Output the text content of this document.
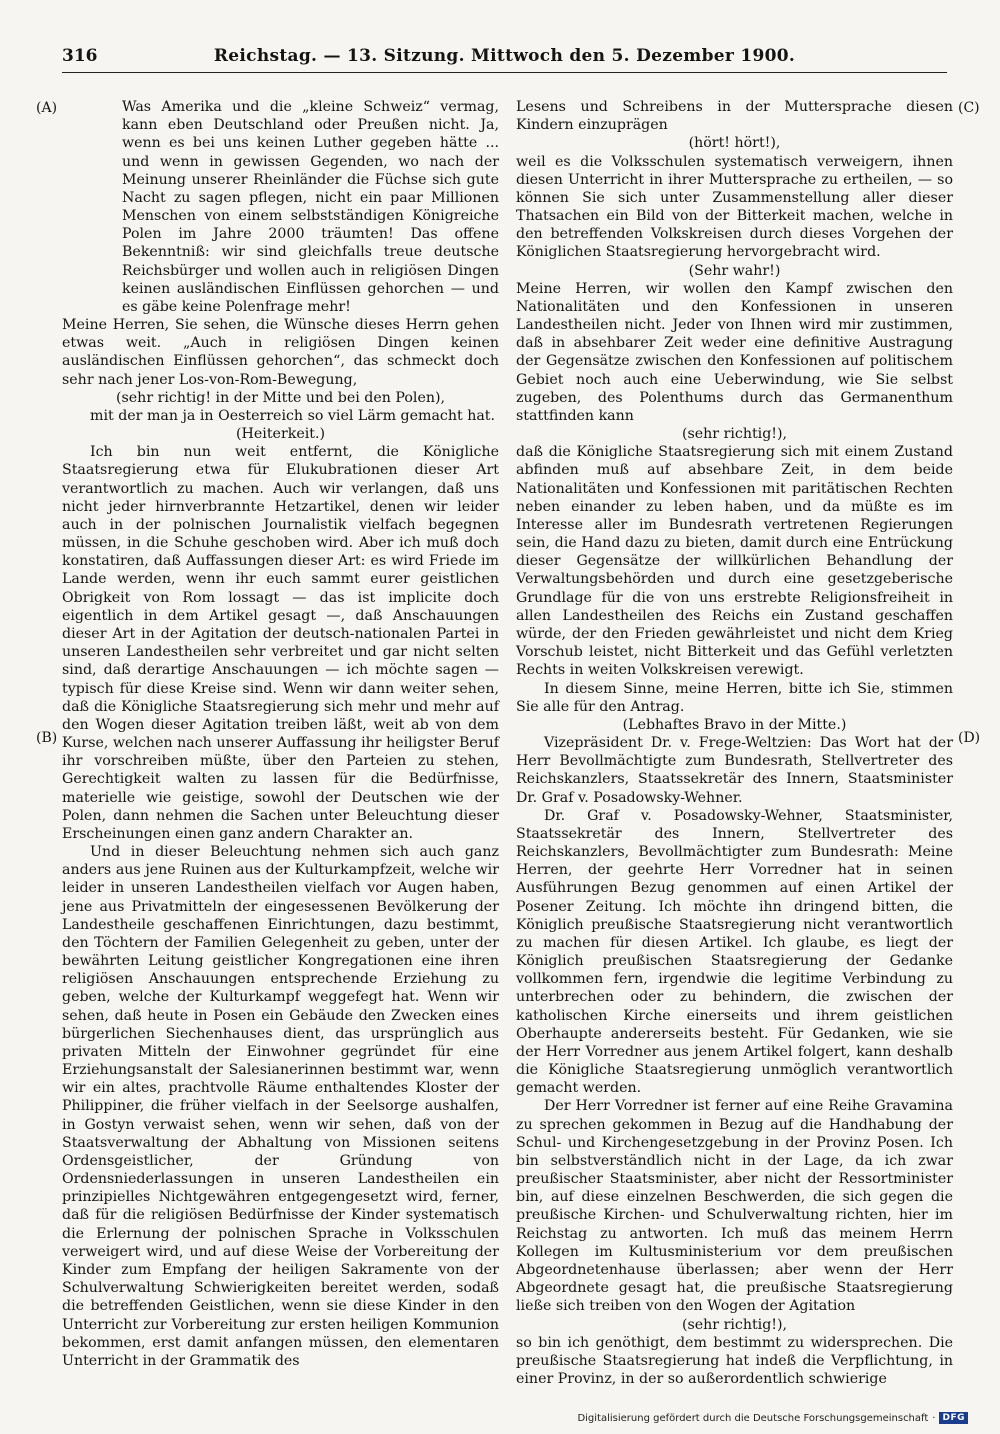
316	Reichstag. — 13. Sitzung. Mittwoch den 5. Dezember 1900.
(A)
(B)
(C)
(D)

Was Amerika und die „kleine Schweiz“ vermag, kann eben Deutschland oder Preußen nicht. Ja, wenn es bei uns keinen Luther gegeben hätte ... und wenn in gewissen Gegenden, wo nach der Meinung unserer Rheinländer die Füchse sich gute Nacht zu sagen pflegen, nicht ein paar Millionen Menschen von einem selbstständigen Königreiche Polen im Jahre 2000 träumten! Das offene Bekenntniß: wir sind gleichfalls treue deutsche Reichsbürger und wollen auch in religiösen Dingen keinen ausländischen Einflüssen gehorchen — und es gäbe keine Polenfrage mehr!

Meine Herren, Sie sehen, die Wünsche dieses Herrn gehen etwas weit. „Auch in religiösen Dingen keinen ausländischen Einflüssen gehorchen“, das schmeckt doch sehr nach jener Los-von-Rom-Bewegung,

(sehr richtig! in der Mitte und bei den Polen),

mit der man ja in Oesterreich so viel Lärm gemacht hat.

(Heiterkeit.)

Ich bin nun weit entfernt, die Königliche Staatsregierung etwa für Elukubrationen dieser Art verantwortlich zu machen. Auch wir verlangen, daß uns nicht jeder hirnverbrannte Hetzartikel, denen wir leider auch in der polnischen Journalistik vielfach begegnen müssen, in die Schuhe geschoben wird. Aber ich muß doch konstatiren, daß Auffassungen dieser Art: es wird Friede im Lande werden, wenn ihr euch sammt eurer geistlichen Obrigkeit von Rom lossagt — das ist implicite doch eigentlich in dem Artikel gesagt —, daß Anschauungen dieser Art in der Agitation der deutsch-nationalen Partei in unseren Landestheilen sehr verbreitet und gar nicht selten sind, daß derartige Anschauungen — ich möchte sagen — typisch für diese Kreise sind. Wenn wir dann weiter sehen, daß die Königliche Staatsregierung sich mehr und mehr auf den Wogen dieser Agitation treiben läßt, weit ab von dem Kurse, welchen nach unserer Auffassung ihr heiligster Beruf ihr vorschreiben müßte, über den Parteien zu stehen, Gerechtigkeit walten zu lassen für die Bedürfnisse, materielle wie geistige, sowohl der Deutschen wie der Polen, dann nehmen die Sachen unter Beleuchtung dieser Erscheinungen einen ganz andern Charakter an.

Und in dieser Beleuchtung nehmen sich auch ganz anders aus jene Ruinen aus der Kulturkampfzeit, welche wir leider in unseren Landestheilen vielfach vor Augen haben, jene aus Privatmitteln der eingesessenen Bevölkerung der Landestheile geschaffenen Einrichtungen, dazu bestimmt, den Töchtern der Familien Gelegenheit zu geben, unter der bewährten Leitung geistlicher Kongregationen eine ihren religiösen Anschauungen entsprechende Erziehung zu geben, welche der Kulturkampf weggefegt hat. Wenn wir sehen, daß heute in Posen ein Gebäude den Zwecken eines bürgerlichen Siechenhauses dient, das ursprünglich aus privaten Mitteln der Einwohner gegründet für eine Erziehungsanstalt der Salesianerinnen bestimmt war, wenn wir ein altes, prachtvolle Räume enthaltendes Kloster der Philippiner, die früher vielfach in der Seelsorge aushalfen, in Gostyn verwaist sehen, wenn wir sehen, daß von der Staatsverwaltung der Abhaltung von Missionen seitens Ordensgeistlicher, der Gründung von Ordensniederlassungen in unseren Landestheilen ein prinzipielles Nichtgewähren entgegengesetzt wird, ferner, daß für die religiösen Bedürfnisse der Kinder systematisch die Erlernung der polnischen Sprache in Volksschulen verweigert wird, und auf diese Weise der Vorbereitung der Kinder zum Empfang der heiligen Sakramente von der Schulverwaltung Schwierigkeiten bereitet werden, sodaß die betreffenden Geistlichen, wenn sie diese Kinder in den Unterricht zur Vorbereitung zur ersten heiligen Kommunion bekommen, erst damit anfangen müssen, den elementaren Unterricht in der Grammatik des

Lesens und Schreibens in der Muttersprache diesen Kindern einzuprägen

(hört! hört!),

weil es die Volksschulen systematisch verweigern, ihnen diesen Unterricht in ihrer Muttersprache zu ertheilen, — so können Sie sich unter Zusammenstellung aller dieser Thatsachen ein Bild von der Bitterkeit machen, welche in den betreffenden Volkskreisen durch dieses Vorgehen der Königlichen Staatsregierung hervorgebracht wird.

(Sehr wahr!)

Meine Herren, wir wollen den Kampf zwischen den Nationalitäten und den Konfessionen in unseren Landestheilen nicht. Jeder von Ihnen wird mir zustimmen, daß in absehbarer Zeit weder eine definitive Austragung der Gegensätze zwischen den Konfessionen auf politischem Gebiet noch auch eine Ueberwindung, wie Sie selbst zugeben, des Polenthums durch das Germanenthum stattfinden kann

(sehr richtig!),

daß die Königliche Staatsregierung sich mit einem Zustand abfinden muß auf absehbare Zeit, in dem beide Nationalitäten und Konfessionen mit paritätischen Rechten neben einander zu leben haben, und da müßte es im Interesse aller im Bundesrath vertretenen Regierungen sein, die Hand dazu zu bieten, damit durch eine Entrückung dieser Gegensätze der willkürlichen Behandlung der Verwaltungsbehörden und durch eine gesetzgeberische Grundlage für die von uns erstrebte Religionsfreiheit in allen Landestheilen des Reichs ein Zustand geschaffen würde, der den Frieden gewährleistet und nicht dem Krieg Vorschub leistet, nicht Bitterkeit und das Gefühl verletzten Rechts in weiten Volkskreisen verewigt.

In diesem Sinne, meine Herren, bitte ich Sie, stimmen Sie alle für den Antrag.

(Lebhaftes Bravo in der Mitte.)

Vizepräsident Dr. v. Frege-Weltzien: Das Wort hat der Herr Bevollmächtigte zum Bundesrath, Stellvertreter des Reichskanzlers, Staatssekretär des Innern, Staatsminister Dr. Graf v. Posadowsky-Wehner.

Dr. Graf v. Posadowsky-Wehner, Staatsminister, Staatssekretär des Innern, Stellvertreter des Reichskanzlers, Bevollmächtigter zum Bundesrath: Meine Herren, der geehrte Herr Vorredner hat in seinen Ausführungen Bezug genommen auf einen Artikel der Posener Zeitung. Ich möchte ihn dringend bitten, die Königlich preußische Staatsregierung nicht verantwortlich zu machen für diesen Artikel. Ich glaube, es liegt der Königlich preußischen Staatsregierung der Gedanke vollkommen fern, irgendwie die legitime Verbindung zu unterbrechen oder zu behindern, die zwischen der katholischen Kirche einerseits und ihrem geistlichen Oberhaupte andererseits besteht. Für Gedanken, wie sie der Herr Vorredner aus jenem Artikel folgert, kann deshalb die Königliche Staatsregierung unmöglich verantwortlich gemacht werden.

Der Herr Vorredner ist ferner auf eine Reihe Gravamina zu sprechen gekommen in Bezug auf die Handhabung der Schul- und Kirchengesetzgebung in der Provinz Posen. Ich bin selbstverständlich nicht in der Lage, da ich zwar preußischer Staatsminister, aber nicht der Ressortminister bin, auf diese einzelnen Beschwerden, die sich gegen die preußische Kirchen- und Schulverwaltung richten, hier im Reichstag zu antworten. Ich muß das meinem Herrn Kollegen im Kultusministerium vor dem preußischen Abgeordnetenhause überlassen; aber wenn der Herr Abgeordnete gesagt hat, die preußische Staatsregierung ließe sich treiben von den Wogen der Agitation

(sehr richtig!),

so bin ich genöthigt, dem bestimmt zu widersprechen. Die preußische Staatsregierung hat indeß die Verpflichtung, in einer Provinz, in der so außerordentlich schwierige

Digitalisierung gefördert durch die Deutsche Forschungsgemeinschaft · DFG
